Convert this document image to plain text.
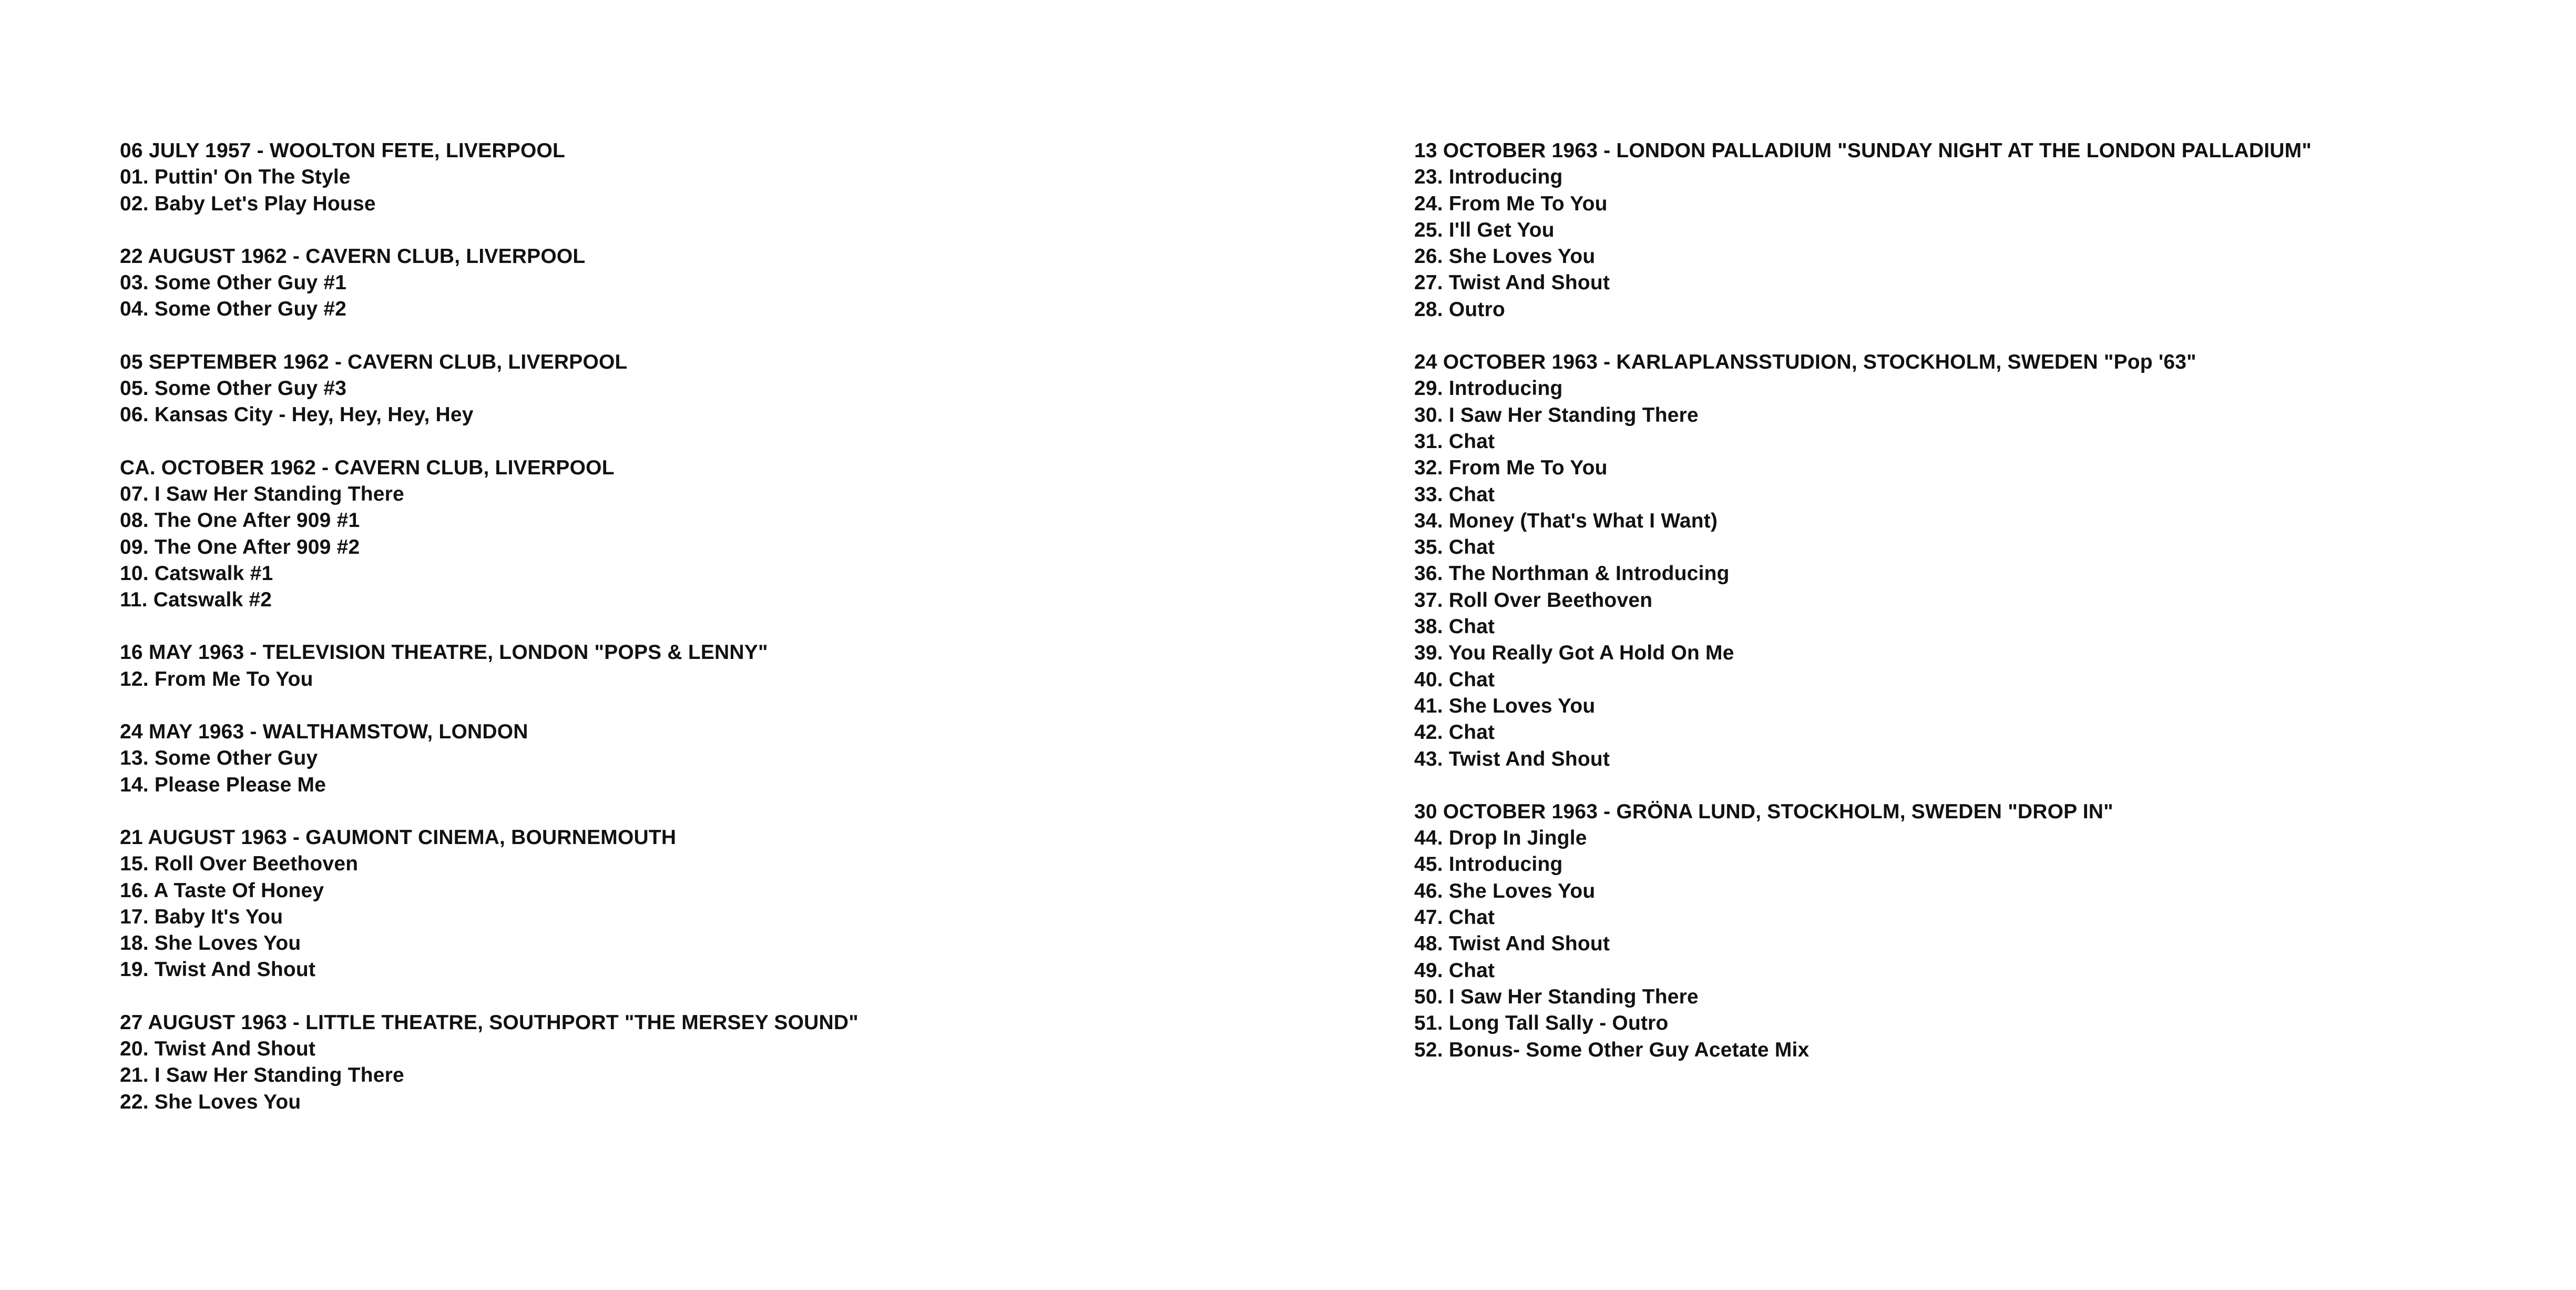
06 JULY 1957 - WOOLTON FETE, LIVERPOOL
01. Puttin' On The Style
02. Baby Let's Play House
22 AUGUST 1962 - CAVERN CLUB, LIVERPOOL
03. Some Other Guy #1
04. Some Other Guy #2
05 SEPTEMBER 1962 - CAVERN CLUB, LIVERPOOL
05. Some Other Guy #3
06. Kansas City - Hey, Hey, Hey, Hey
CA. OCTOBER 1962 - CAVERN CLUB, LIVERPOOL
07. I Saw Her Standing There
08. The One After 909 #1
09. The One After 909 #2
10. Catswalk #1
11. Catswalk #2
16 MAY 1963 - TELEVISION THEATRE, LONDON "POPS & LENNY"
12. From Me To You
24 MAY 1963 - WALTHAMSTOW, LONDON
13. Some Other Guy
14. Please Please Me
21 AUGUST 1963 - GAUMONT CINEMA, BOURNEMOUTH
15. Roll Over Beethoven
16. A Taste Of Honey
17. Baby It's You
18. She Loves You
19. Twist And Shout
27 AUGUST 1963 - LITTLE THEATRE, SOUTHPORT "THE MERSEY SOUND"
20. Twist And Shout
21. I Saw Her Standing There
22. She Loves You
13 OCTOBER 1963 - LONDON PALLADIUM "SUNDAY NIGHT AT THE LONDON PALLADIUM"
23. Introducing
24. From Me To You
25. I'll Get You
26. She Loves You
27. Twist And Shout
28. Outro
24 OCTOBER 1963 - KARLAPLANSSTUDION, STOCKHOLM, SWEDEN "Pop '63"
29. Introducing
30. I Saw Her Standing There
31. Chat
32. From Me To You
33. Chat
34. Money (That's What I Want)
35. Chat
36. The Northman & Introducing
37. Roll Over Beethoven
38. Chat
39. You Really Got A Hold On Me
40. Chat
41. She Loves You
42. Chat
43. Twist And Shout
30 OCTOBER 1963 - GRÖNA LUND, STOCKHOLM, SWEDEN "DROP IN"
44. Drop In Jingle
45. Introducing
46. She Loves You
47. Chat
48. Twist And Shout
49. Chat
50. I Saw Her Standing There
51. Long Tall Sally - Outro
52. Bonus- Some Other Guy Acetate Mix
